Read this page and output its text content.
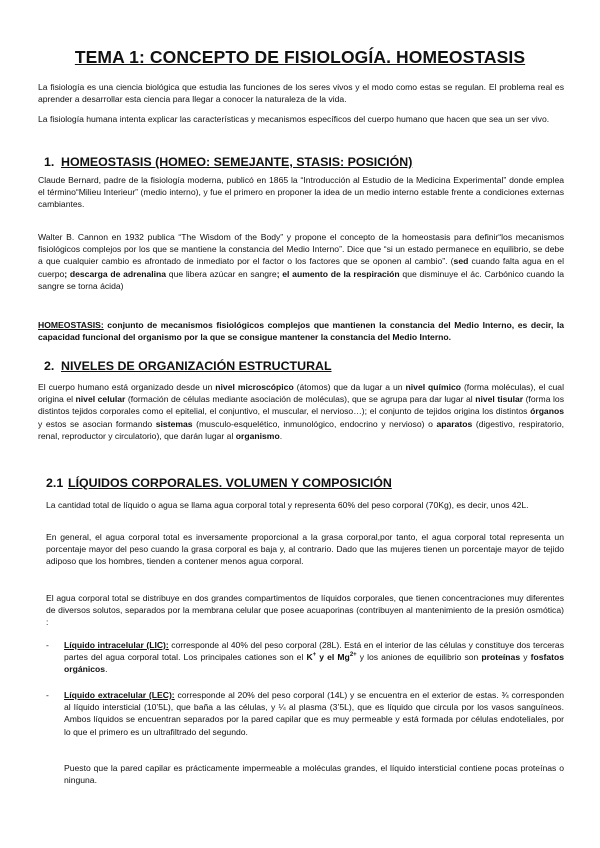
TEMA 1: CONCEPTO DE FISIOLOGÍA. HOMEOSTASIS
La fisiología es una ciencia biológica que estudia las funciones de los seres vivos y el modo como estas se regulan. El problema real es aprender a desarrollar esta ciencia para llegar a conocer la naturaleza de la vida.
La fisiología humana intenta explicar las características y mecanismos específicos del cuerpo humano que hacen que sea un ser vivo.
1. HOMEOSTASIS (HOMEO: SEMEJANTE, STASIS: POSICIÓN)
Claude Bernard, padre de la fisiología moderna, publicó en 1865 la “Introducción al Estudio de la Medicina Experimental” donde emplea el término“Milieu Interieur” (medio interno), y fue el primero en proponer la idea de un medio interno estable frente a condiciones externas cambiantes.
Walter B. Cannon en 1932 publica “The Wisdom of the Body” y propone el concepto de la homeostasis para definir“los mecanismos fisiológicos complejos por los que se mantiene la constancia del Medio Interno”. Dice que “si un estado permanece en equilibrio, se debe a que cualquier cambio es afrontado de inmediato por el factor o los factores que se oponen al cambio”. (sed cuando falta agua en el cuerpo; descarga de adrenalina que libera azúcar en sangre; el aumento de la respiración que disminuye el ác. Carbónico cuando la sangre se torna ácida)
HOMEOSTASIS: conjunto de mecanismos fisiológicos complejos que mantienen la constancia del Medio Interno, es decir, la capacidad funcional del organismo por la que se consigue mantener la constancia del Medio Interno.
2. NIVELES DE ORGANIZACIÓN ESTRUCTURAL
El cuerpo humano está organizado desde un nivel microscópico (átomos) que da lugar a un nivel químico (forma moléculas), el cual origina el nivel celular (formación de células mediante asociación de moléculas), que se agrupa para dar lugar al nivel tisular (forma los distintos tejidos corporales como el epitelial, el conjuntivo, el muscular, el nervioso…); el conjunto de tejidos origina los distintos órganos y estos se asocian formando sistemas (musculo-esquelético, inmunológico, endocrino y nervioso) o aparatos (digestivo, respiratorio, renal, reproductor y circulatorio), que darán lugar al organismo.
2.1 LÍQUIDOS CORPORALES. VOLUMEN Y COMPOSICIÓN
La cantidad total de líquido o agua se llama agua corporal total y representa 60% del peso corporal (70Kg), es decir, unos 42L.
En general, el agua corporal total es inversamente proporcional a la grasa corporal,por tanto, el agua corporal total representa un porcentaje mayor del peso cuando la grasa corporal es baja y, al contrario. Dado que las mujeres tienen un porcentaje mayor de tejido adiposo que los hombres, tienden a contener menos agua corporal.
El agua corporal total se distribuye en dos grandes compartimentos de líquidos corporales, que tienen concentraciones muy diferentes de diversos solutos, separados por la membrana celular que posee acuaporinas (contribuyen al mantenimiento de la presión osmótica) :
- Líquido intracelular (LIC): corresponde al 40% del peso corporal (28L). Está en el interior de las células y constituye dos terceras partes del agua corporal total. Los principales cationes son el K+ y el $Mg^{2+}$ y los aniones de equilibrio son proteínas y fosfatos orgánicos.
- Líquido extracelular (LEC): corresponde al 20% del peso corporal (14L) y se encuentra en el exterior de estas. ¾ corresponden al líquido intersticial (10’5L), que baña a las células, y ¼ al plasma (3’5L), que es líquido que circula por los vasos sanguíneos. Ambos líquidos se encuentran separados por la pared capilar que es muy permeable y está formada por células endoteliales, por lo que el primero es un ultrafiltrado del segundo.
Puesto que la pared capilar es prácticamente impermeable a moléculas grandes, el líquido intersticial contiene pocas proteínas o ninguna.
